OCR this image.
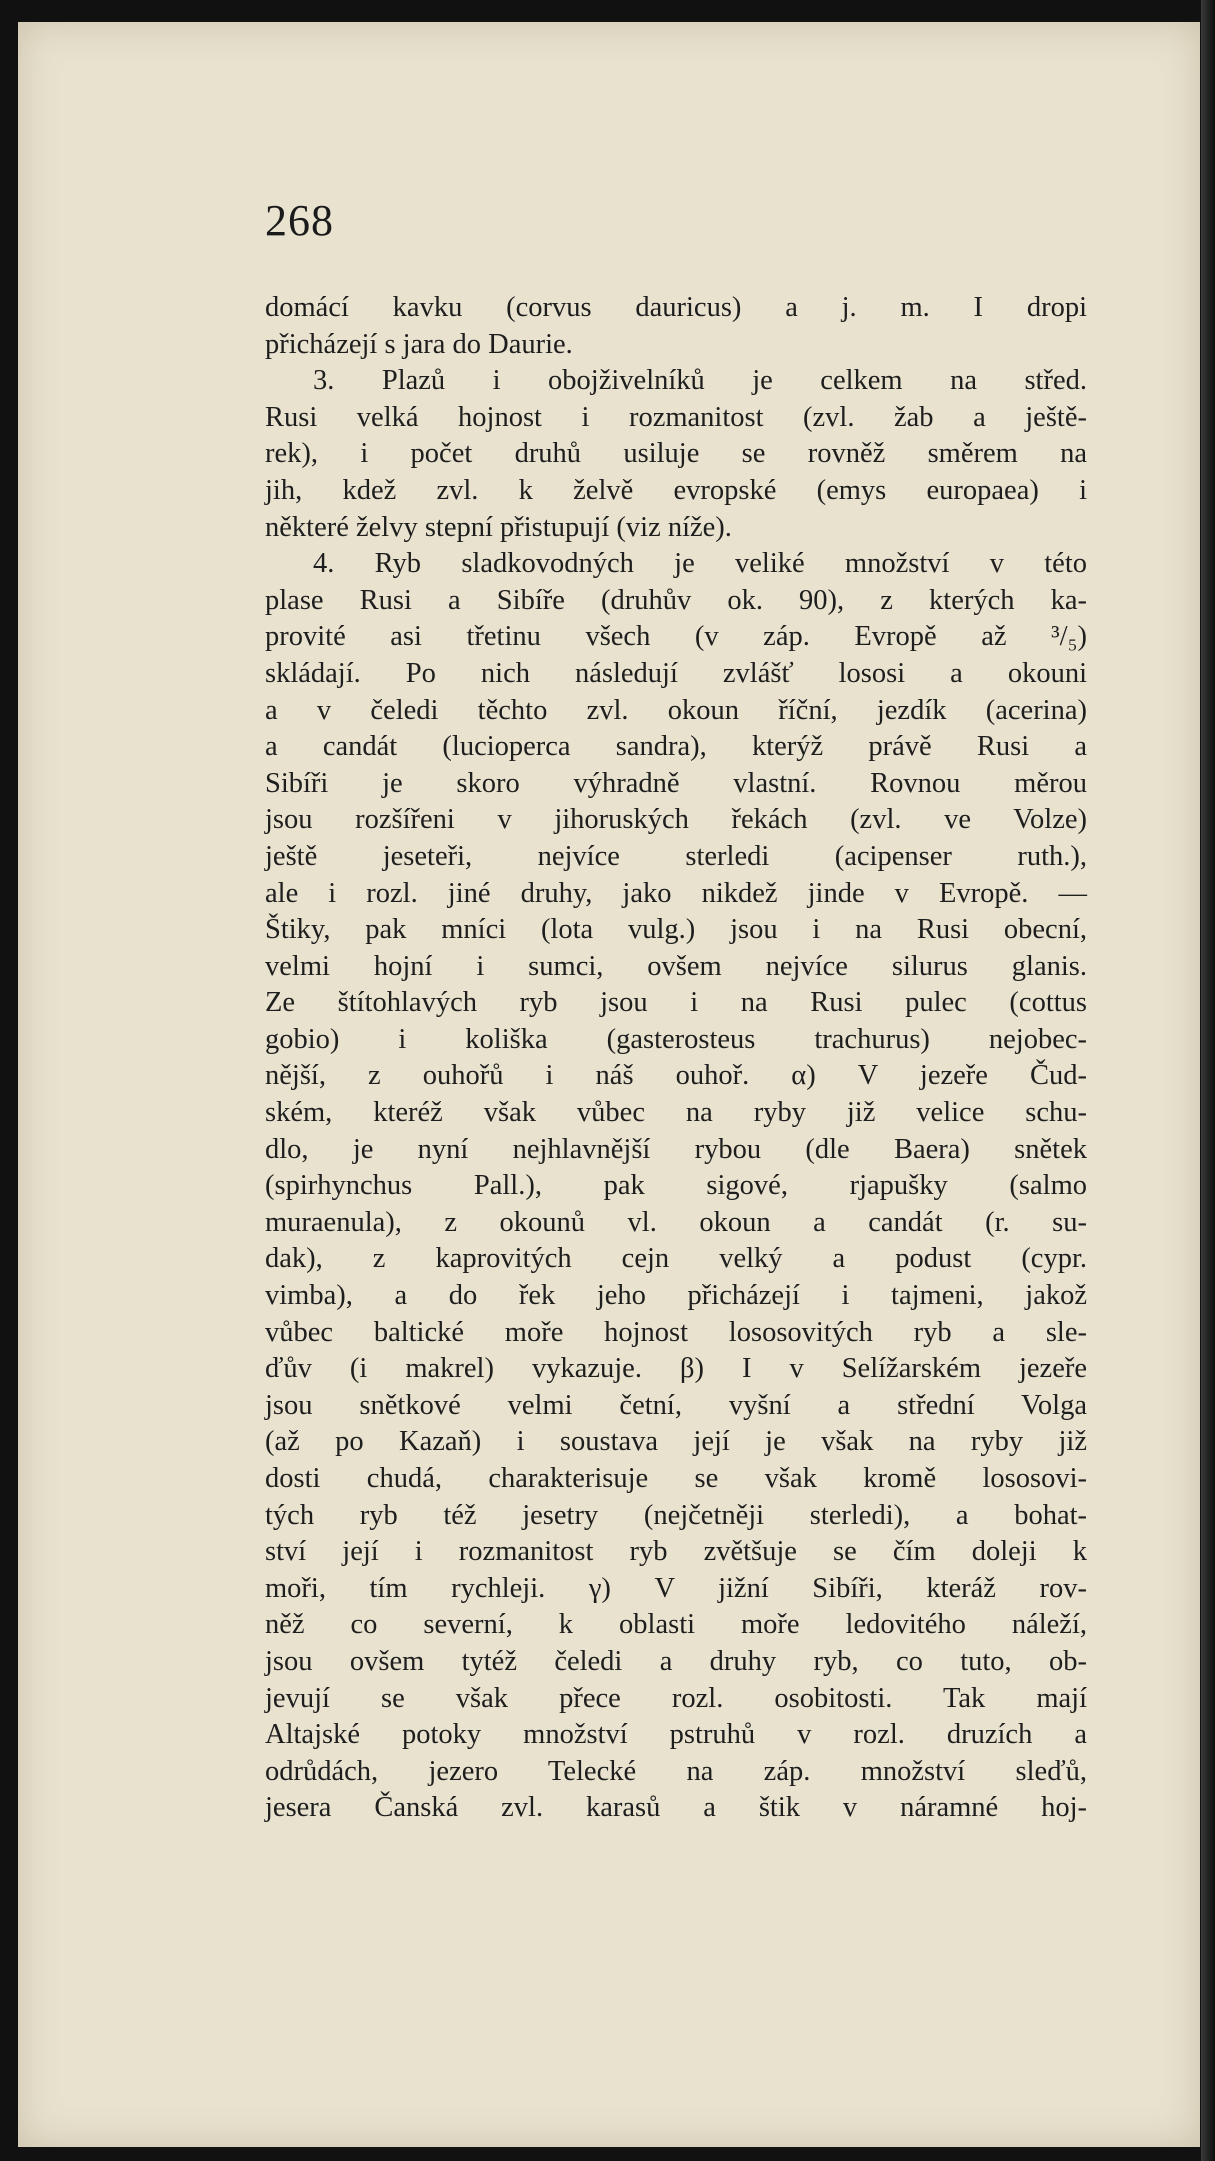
268
domácí kavku (corvus dauricus) a j. m. I dropi
přicházejí s jara do Daurie.
3. Plazů i obojživelníků je celkem na střed.
Rusi velká hojnost i rozmanitost (zvl. žab a ještě-
rek), i počet druhů usiluje se rovněž směrem na
jih, kdež zvl. k želvě evropské (emys europaea) i
některé želvy stepní přistupují (viz níže).
4. Ryb sladkovodných je veliké množství v této
plase Rusi a Sibíře (druhův ok. 90), z kterých ka-
provité asi třetinu všech (v záp. Evropě až ³/₅)
skládají. Po nich následují zvlášť lososi a okouni
a v čeledi těchto zvl. okoun říční, jezdík (acerina)
a candát (lucioperca sandra), kterýž právě Rusi a
Sibíři je skoro výhradně vlastní. Rovnou měrou
jsou rozšířeni v jihoruských řekách (zvl. ve Volze)
ještě jeseteři, nejvíce sterledi (acipenser ruth.),
ale i rozl. jiné druhy, jako nikdež jinde v Evropě. —
Štiky, pak mníci (lota vulg.) jsou i na Rusi obecní,
velmi hojní i sumci, ovšem nejvíce silurus glanis.
Ze štítohlavých ryb jsou i na Rusi pulec (cottus
gobio) i koliška (gasterosteus trachurus) nejobec-
nější, z ouhořů i náš ouhoř. α) V jezeře Čud-
ském, kteréž však vůbec na ryby již velice schu-
dlo, je nyní nejhlavnější rybou (dle Baera) snětek
(spirhynchus Pall.), pak sigové, rjapušky (salmo
muraenula), z okounů vl. okoun a candát (r. su-
dak), z kaprovitých cejn velký a podust (cypr.
vimba), a do řek jeho přicházejí i tajmeni, jakož
vůbec baltické moře hojnost lososovitých ryb a sle-
ďův (i makrel) vykazuje. β) I v Selížarském jezeře
jsou snětkové velmi četní, vyšní a střední Volga
(až po Kazaň) i soustava její je však na ryby již
dosti chudá, charakterisuje se však kromě lososovi-
tých ryb též jesetry (nejčetněji sterledi), a bohat-
ství její i rozmanitost ryb zvětšuje se čím doleji k
moři, tím rychleji. γ) V jižní Sibíři, kteráž rov-
něž co severní, k oblasti moře ledovitého náleží,
jsou ovšem tytéž čeledi a druhy ryb, co tuto, ob-
jevují se však přece rozl. osobitosti. Tak mají
Altajské potoky množství pstruhů v rozl. druzích a
odrůdách, jezero Telecké na záp. množství sleďů,
jesera Čanská zvl. karasů a štik v náramné hoj-
